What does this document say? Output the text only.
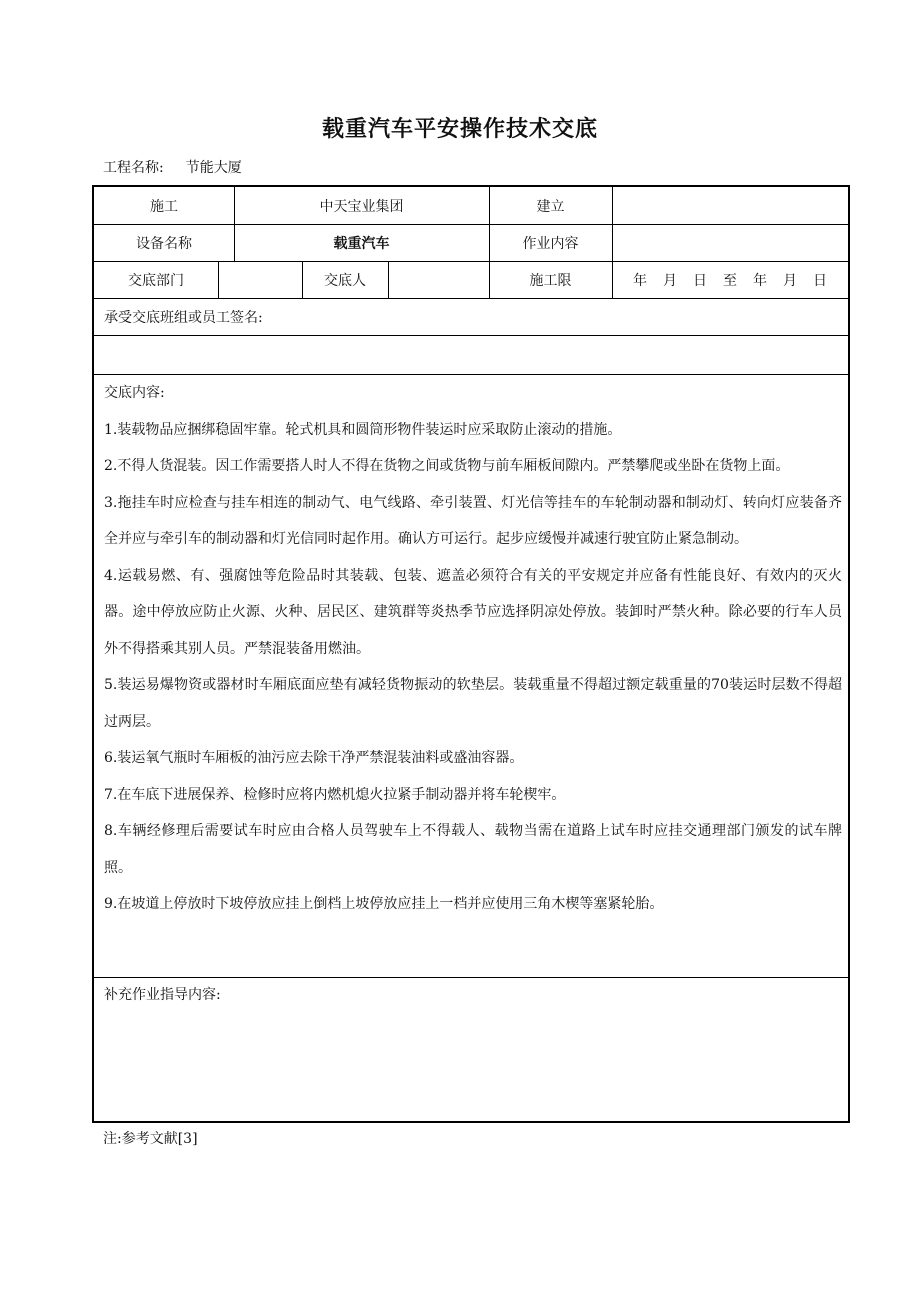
载重汽车平安操作技术交底
工程名称: 节能大厦
施工	中天宝业集团	建立
设备名称	载重汽车	作业内容
交底部门	交底人	施工限	年 月 日 至 年 月 日
承受交底班组或员工签名:

交底内容:

1.装载物品应捆绑稳固牢靠。轮式机具和圆筒形物件装运时应采取防止滚动的措施。

2.不得人货混装。因工作需要搭人时人不得在货物之间或货物与前车厢板间隙内。严禁攀爬或坐卧在货物上面。

3.拖挂车时应检查与挂车相连的制动气、电气线路、牵引装置、灯光信等挂车的车轮制动器和制动灯、转向灯应装备齐全并应与牵引车的制动器和灯光信同时起作用。确认方可运行。起步应缓慢并减速行驶宜防止紧急制动。

4.运载易燃、有、强腐蚀等危险品时其装载、包装、遮盖必须符合有关的平安规定并应备有性能良好、有效内的灭火器。途中停放应防止火源、火种、居民区、建筑群等炎热季节应选择阴凉处停放。装卸时严禁火种。除必要的行车人员外不得搭乘其别人员。严禁混装备用燃油。

5.装运易爆物资或器材时车厢底面应垫有减轻货物振动的软垫层。装载重量不得超过额定载重量的70装运时层数不得超过两层。

6.装运氧气瓶时车厢板的油污应去除干净严禁混装油料或盛油容器。

7.在车底下进展保养、检修时应将内燃机熄火拉紧手制动器并将车轮楔牢。

8.车辆经修理后需要试车时应由合格人员驾驶车上不得载人、载物当需在道路上试车时应挂交通理部门颁发的试车牌照。

9.在坡道上停放时下坡停放应挂上倒档上坡停放应挂上一档并应使用三角木楔等塞紧轮胎。

补充作业指导内容:
注:参考文献[3]
